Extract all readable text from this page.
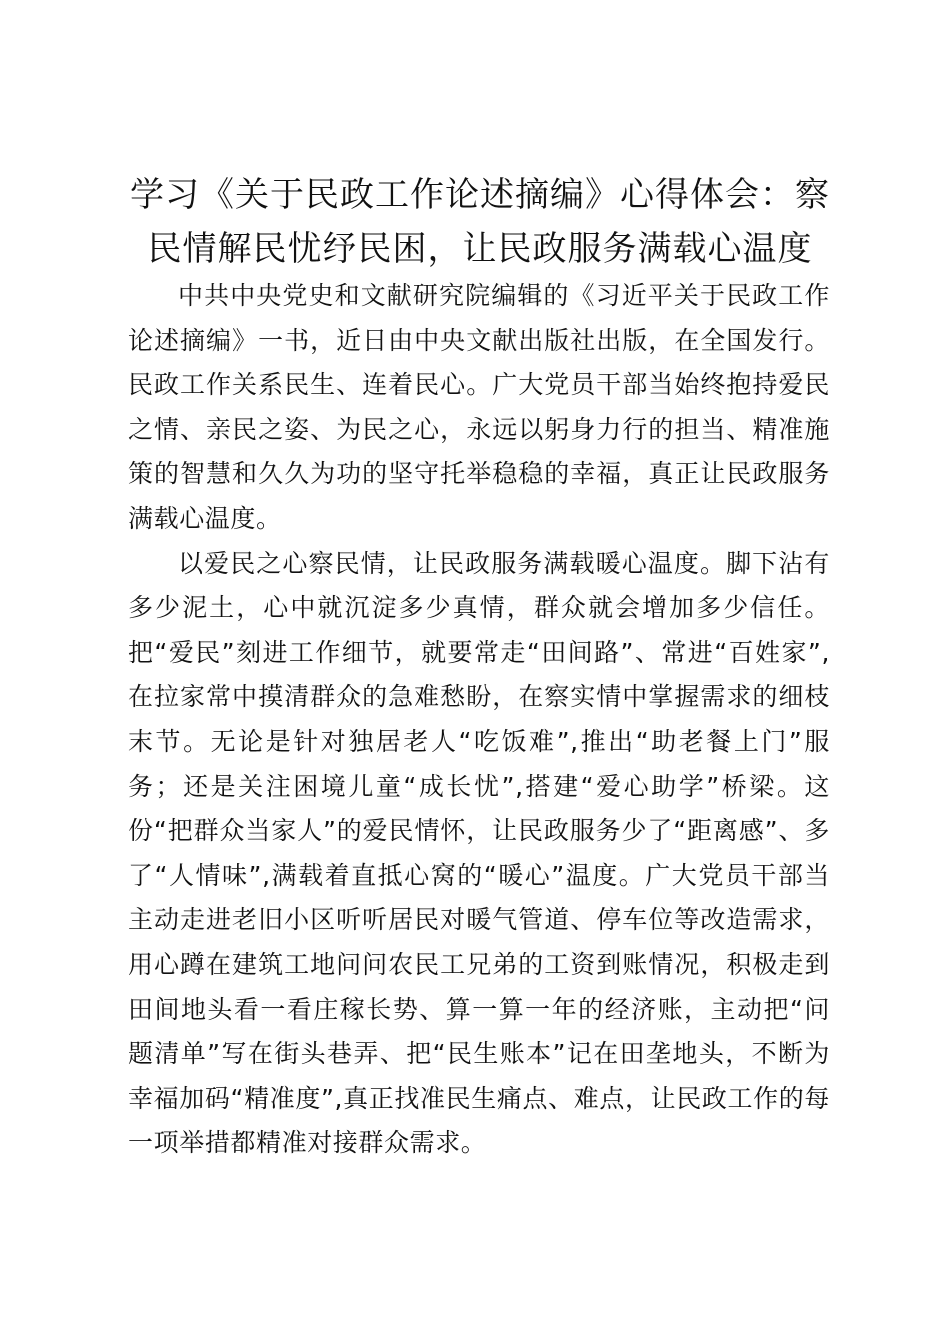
学习《关于民政工作论述摘编》心得体会：察民情解民忧纾民困，让民政服务满载心温度

中共中央党史和文献研究院编辑的《习近平关于民政工作论述摘编》一书，近日由中央文献出版社出版，在全国发行。民政工作关系民生、连着民心。广大党员干部当始终抱持爱民之情、亲民之姿、为民之心，永远以躬身力行的担当、精准施策的智慧和久久为功的坚守托举稳稳的幸福，真正让民政服务满载心温度。

以爱民之心察民情，让民政服务满载暖心温度。脚下沾有多少泥土，心中就沉淀多少真情，群众就会增加多少信任。把“爱民”刻进工作细节，就要常走“田间路”、常进“百姓家”,在拉家常中摸清群众的急难愁盼，在察实情中掌握需求的细枝末节。无论是针对独居老人“吃饭难”,推出“助老餐上门”服务；还是关注困境儿童“成长忧”,搭建“爱心助学”桥梁。这份“把群众当家人”的爱民情怀，让民政服务少了“距离感”、多了“人情味”,满载着直抵心窝的“暖心”温度。广大党员干部当主动走进老旧小区听听居民对暖气管道、停车位等改造需求，用心蹲在建筑工地问问农民工兄弟的工资到账情况，积极走到田间地头看一看庄稼长势、算一算一年的经济账，主动把“问题清单”写在街头巷弄、把“民生账本”记在田垄地头，不断为幸福加码“精准度”,真正找准民生痛点、难点，让民政工作的每一项举措都精准对接群众需求。
